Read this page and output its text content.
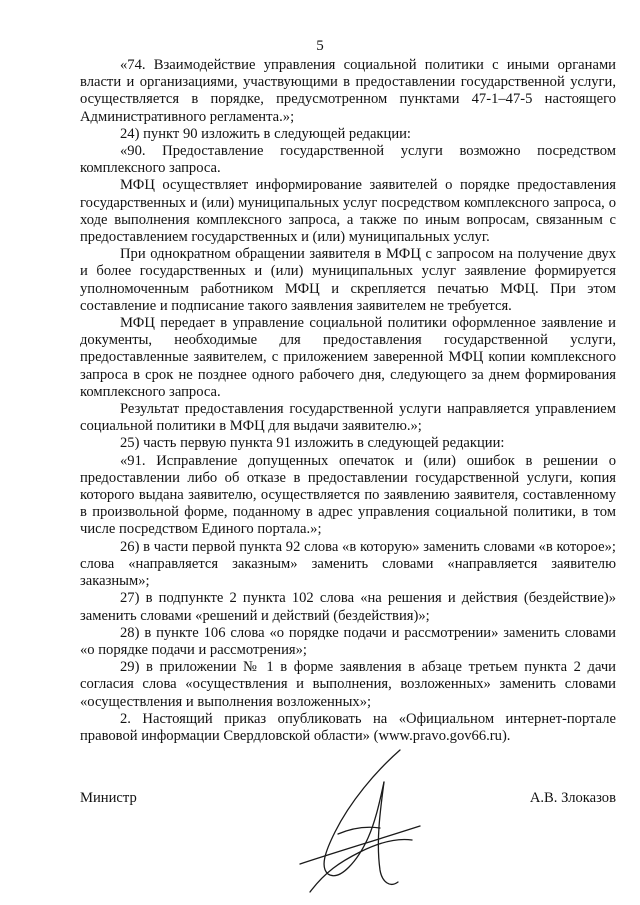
5

«74. Взаимодействие управления социальной политики с иными органами власти и организациями, участвующими в предоставлении государственной услуги, осуществляется в порядке, предусмотренном пунктами 47-1–47-5 настоящего Административного регламента.»;

24) пункт 90 изложить в следующей редакции:

«90. Предоставление государственной услуги возможно посредством комплексного запроса.

МФЦ осуществляет информирование заявителей о порядке предоставления государственных и (или) муниципальных услуг посредством комплексного запроса, о ходе выполнения комплексного запроса, а также по иным вопросам, связанным с предоставлением государственных и (или) муниципальных услуг.

При однократном обращении заявителя в МФЦ с запросом на получение двух и более государственных и (или) муниципальных услуг заявление формируется уполномоченным работником МФЦ и скрепляется печатью МФЦ. При этом составление и подписание такого заявления заявителем не требуется.

МФЦ передает в управление социальной политики оформленное заявление и документы, необходимые для предоставления государственной услуги, предоставленные заявителем, с приложением заверенной МФЦ копии комплексного запроса в срок не позднее одного рабочего дня, следующего за днем формирования комплексного запроса.

Результат предоставления государственной услуги направляется управлением социальной политики в МФЦ для выдачи заявителю.»;

25) часть первую пункта 91 изложить в следующей редакции:

«91. Исправление допущенных опечаток и (или) ошибок в решении о предоставлении либо об отказе в предоставлении государственной услуги, копия которого выдана заявителю, осуществляется по заявлению заявителя, составленному в произвольной форме, поданному в адрес управления социальной политики, в том числе посредством Единого портала.»;

26) в части первой пункта 92 слова «в которую» заменить словами «в которое»; слова «направляется заказным» заменить словами «направляется заявителю заказным»;

27) в подпункте 2 пункта 102 слова «на решения и действия (бездействие)» заменить словами «решений и действий (бездействия)»;

28) в пункте 106 слова «о порядке подачи и рассмотрении» заменить словами «о порядке подачи и рассмотрения»;

29) в приложении № 1 в форме заявления в абзаце третьем пункта 2 дачи согласия слова «осуществления и выполнения, возложенных» заменить словами «осуществления и выполнения возложенных»;

2. Настоящий приказ опубликовать на «Официальном интернет-портале правовой информации Свердловской области» (www.pravo.gov66.ru).

Министр	А.В. Злоказов
